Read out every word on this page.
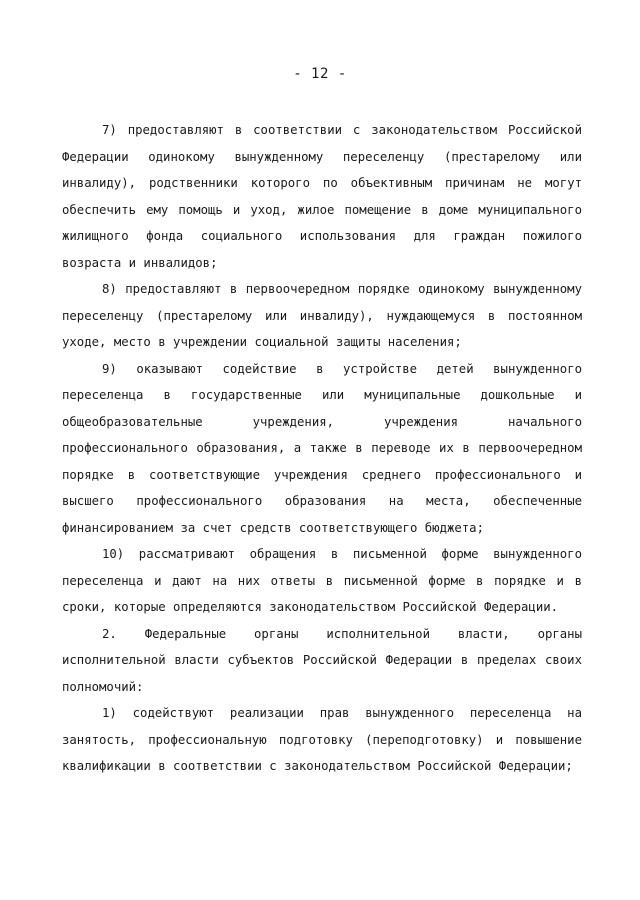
- 12 -

7) предоставляют в соответствии с законодательством Российской Федерации одинокому вынужденному переселенцу (престарелому или инвалиду), родственники которого по объективным причинам не могут обеспечить ему помощь и уход, жилое помещение в доме муниципального жилищного фонда социального использования для граждан пожилого возраста и инвалидов;

8) предоставляют в первоочередном порядке одинокому вынужденному переселенцу (престарелому или инвалиду), нуждающемуся в постоянном уходе, место в учреждении социальной защиты населения;

9) оказывают содействие в устройстве детей вынужденного переселенца в государственные или муниципальные дошкольные и общеобразовательные учреждения, учреждения начального профессионального образования, а также в переводе их в первоочередном порядке в соответствующие учреждения среднего профессионального и высшего профессионального образования на места, обеспеченные финансированием за счет средств соответствующего бюджета;

10) рассматривают обращения в письменной форме вынужденного переселенца и дают на них ответы в письменной форме в порядке и в сроки, которые определяются законодательством Российской Федерации.

2. Федеральные органы исполнительной власти, органы исполнительной власти субъектов Российской Федерации в пределах своих полномочий:

1) содействуют реализации прав вынужденного переселенца на занятость, профессиональную подготовку (переподготовку) и повышение квалификации в соответствии с законодательством Российской Федерации;
